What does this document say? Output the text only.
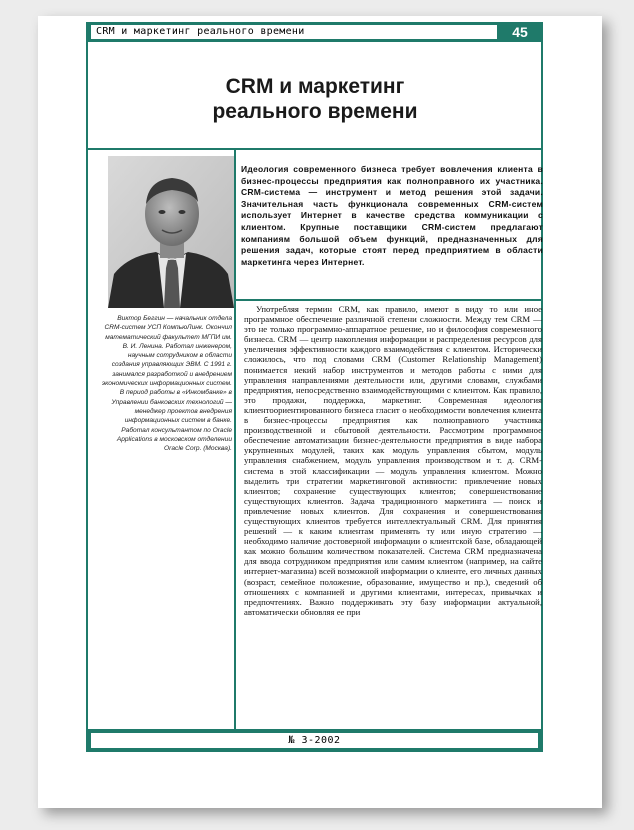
CRM и маркетинг реального времени	45
CRM и маркетинг
реального времени

Идеология современного бизнеса требует вовлечения клиента в бизнес-процессы предприятия как полноправного их участника. CRM-система — инструмент и метод решения этой задачи. Значительная часть функционала современных CRM-систем использует Интернет в качестве средства коммуникации с клиентом. Крупные поставщики CRM-систем предлагают компаниям большой объем функций, предназначенных для решения задач, которые стоят перед предприятием в области маркетинга через Интернет.

Виктор Беггин — начальник отдела CRM-систем УСП КомпьюЛинк. Окончил математический факультет МГПИ им. В. И. Ленина. Работал инженером, научным сотрудником в области создания управляющих ЭВМ. С 1991 г. занимался разработкой и внедрением экономических информационных систем. В период работы в «Инкомбанке» в Управлении банковских технологий — менеджер проектов внедрения информационных систем в банке. Работал консультантом по Oracle Applications в московском отделении Oracle Corp. (Москва).

Употребляя термин CRM, как правило, имеют в виду то или иное программное обеспечение различной степени сложности. Между тем CRM — это не только программно-аппаратное решение, но и философия современного бизнеса. CRM — центр накопления информации и распределения ресурсов для увеличения эффективности каждого взаимодействия с клиентом. Исторически сложилось, что под словами CRM (Customer Relationship Management) понимается некий набор инструментов и методов работы с ними для управления направлениями деятельности или, другими словами, службами предприятия, непосредственно взаимодействующими с клиентом. Как правило, это продажи, поддержка, маркетинг. Современная идеология клиентоориентированного бизнеса гласит о необходимости вовлечения клиента в бизнес-процессы предприятия как полноправного участника производственной и сбытовой деятельности. Рассмотрим программное обеспечение автоматизации бизнес-деятельности предприятия в виде набора укрупненных модулей, таких как модуль управления сбытом, модуль управления снабжением, модуль управления производством и т. д. CRM-система в этой классификации — модуль управления клиентом. Можно выделить три стратегии маркетинговой активности: привлечение новых клиентов; сохранение существующих клиентов; совершенствование существующих клиентов. Задача традиционного маркетинга — поиск и привлечение новых клиентов. Для сохранения и совершенствования существующих клиентов требуется интеллектуальный CRM. Для принятия решений — к каким клиентам применять ту или иную стратегию — необходимо наличие достоверной информации о клиентской базе, обладающей как можно большим количеством показателей. Система CRM предназначена для ввода сотрудником предприятия или самим клиентом (например, на сайте интернет-магазина) всей возможной информации о клиенте, его личных данных (возраст, семейное положение, образование, имущество и пр.), сведений об отношениях с компанией и другими клиентами, интересах, привычках и предпочтениях. Важно поддерживать эту базу информации актуальной, автоматически обновляя ее при

№ 3-2002
